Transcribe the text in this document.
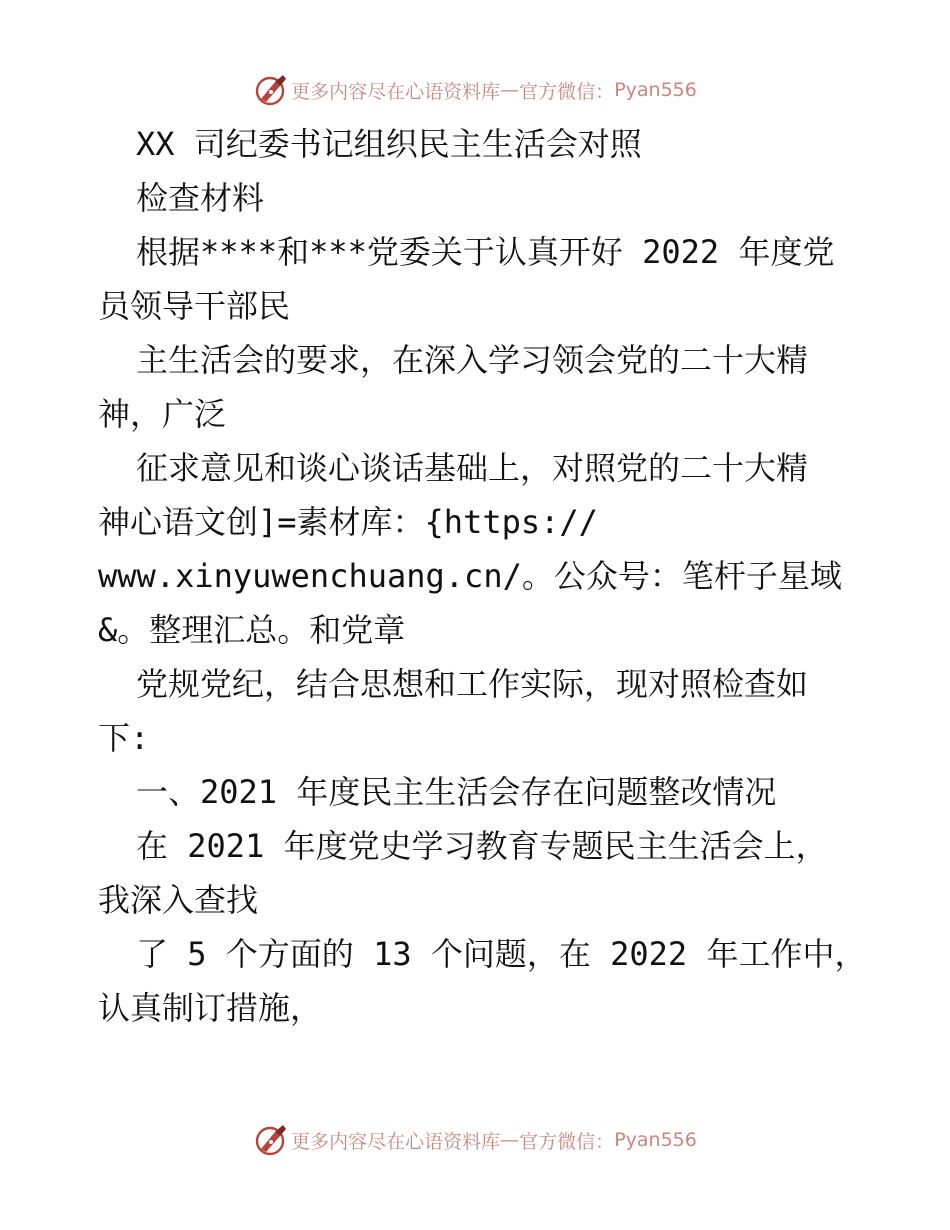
更多内容尽在心语资料库 — 官方微信： Pyan556
XX 司纪委书记组织民主生活会对照
检查材料
根据****和***党委关于认真开好 2022 年度党
员领导干部民
主生活会的要求，在深入学习领会党的二十大精
神，广泛
征求意见和谈心谈话基础上，对照党的二十大精
神心语文创]=素材库：{https://
www.xinyuwenchuang.cn/。公众号：笔杆子星域
&。整理汇总。和党章
党规党纪，结合思想和工作实际，现对照检查如
下:
一、2021 年度民主生活会存在问题整改情况
在 2021 年度党史学习教育专题民主生活会上，
我深入查找
了 5 个方面的 13 个问题，在 2022 年工作中，
认真制订措施，
更多内容尽在心语资料库 — 官方微信： Pyan556
